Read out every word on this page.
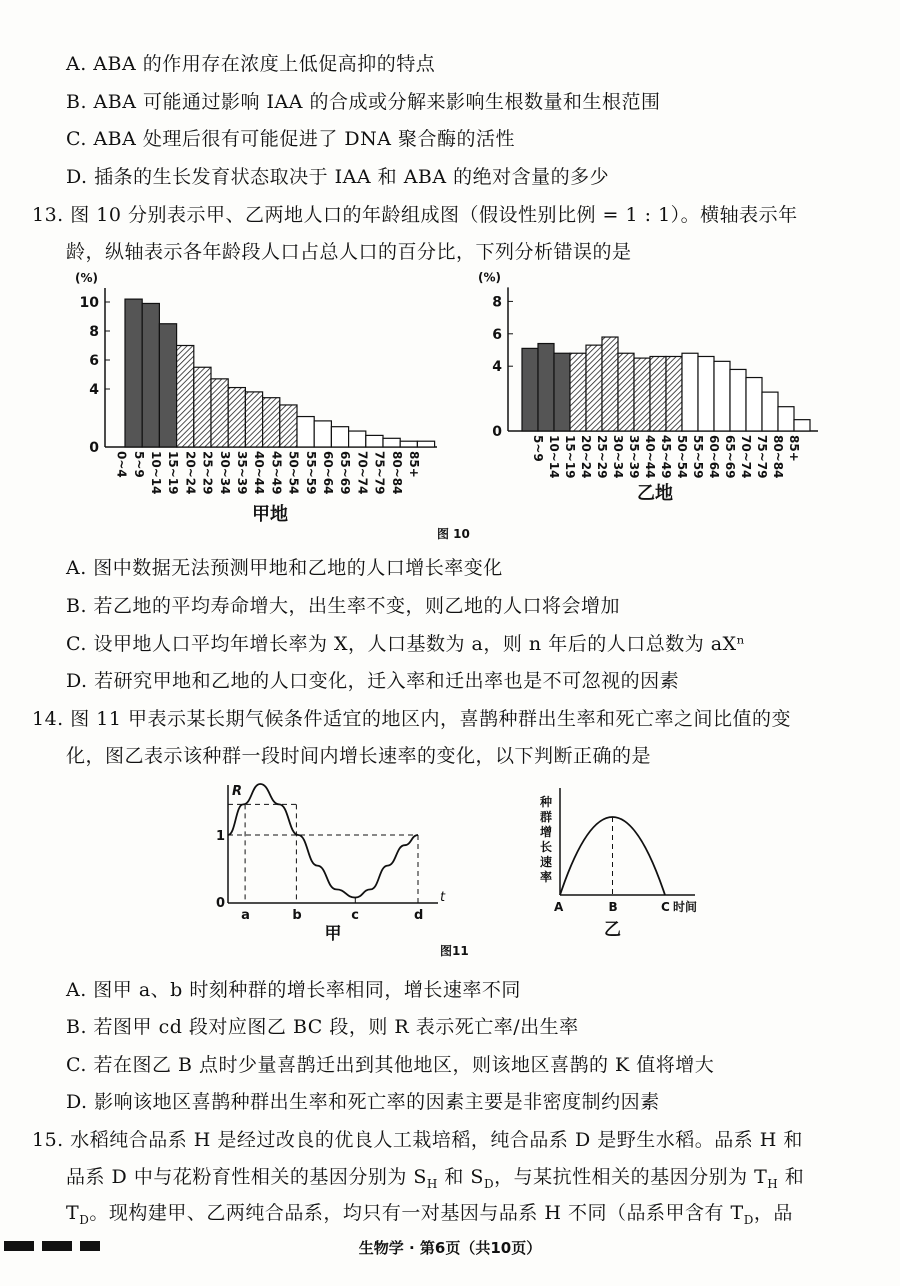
A. ABA 的作用存在浓度上低促高抑的特点
B. ABA 可能通过影响 IAA 的合成或分解来影响生根数量和生根范围
C. ABA 处理后很有可能促进了 DNA 聚合酶的活性
D. 插条的生长发育状态取决于 IAA 和 ABA 的绝对含量的多少
13. 图 10 分别表示甲、乙两地人口的年龄组成图（假设性别比例 = 1 : 1）。横轴表示年
龄，纵轴表示各年龄段人口占总人口的百分比，下列分析错误的是
(%)
0
4
6
8
10
0~4 5~9 10~14 15~19 20~24 25~29 30~34 35~39 40~44 45~49 50~54 55~59 60~64 65~69 70~74 75~79 80~84 85+
甲地
(%)
0
4
6
8
5~9 10~14 15~19 20~24 25~29 30~34 35~39 40~44 45~49 50~54 55~59 60~64 65~69 70~74 75~79 80~84 85+
乙地
图 10
A. 图中数据无法预测甲地和乙地的人口增长率变化
B. 若乙地的平均寿命增大，出生率不变，则乙地的人口将会增加
C. 设甲地人口平均年增长率为 X，人口基数为 a，则 n 年后的人口总数为 aXⁿ
D. 若研究甲地和乙地的人口变化，迁入率和迁出率也是不可忽视的因素
14. 图 11 甲表示某长期气候条件适宜的地区内，喜鹊种群出生率和死亡率之间比值的变
化，图乙表示该种群一段时间内增长速率的变化，以下判断正确的是
R
t
0
1
a	b	c	d
甲
种
群
增
长
速
率
A	B	C 时间
乙
图11
A. 图甲 a、b 时刻种群的增长率相同，增长速率不同
B. 若图甲 cd 段对应图乙 BC 段，则 R 表示死亡率/出生率
C. 若在图乙 B 点时少量喜鹊迁出到其他地区，则该地区喜鹊的 K 值将增大
D. 影响该地区喜鹊种群出生率和死亡率的因素主要是非密度制约因素
15. 水稻纯合品系 H 是经过改良的优良人工栽培稻，纯合品系 D 是野生水稻。品系 H 和
品系 D 中与花粉育性相关的基因分别为 $S_H$ 和 $S_D$，与某抗性相关的基因分别为 $T_H$ 和
$T_D$。现构建甲、乙两纯合品系，均只有一对基因与品系 H 不同（品系甲含有 $T_D$，品
生物学 · 第6页（共10页）
